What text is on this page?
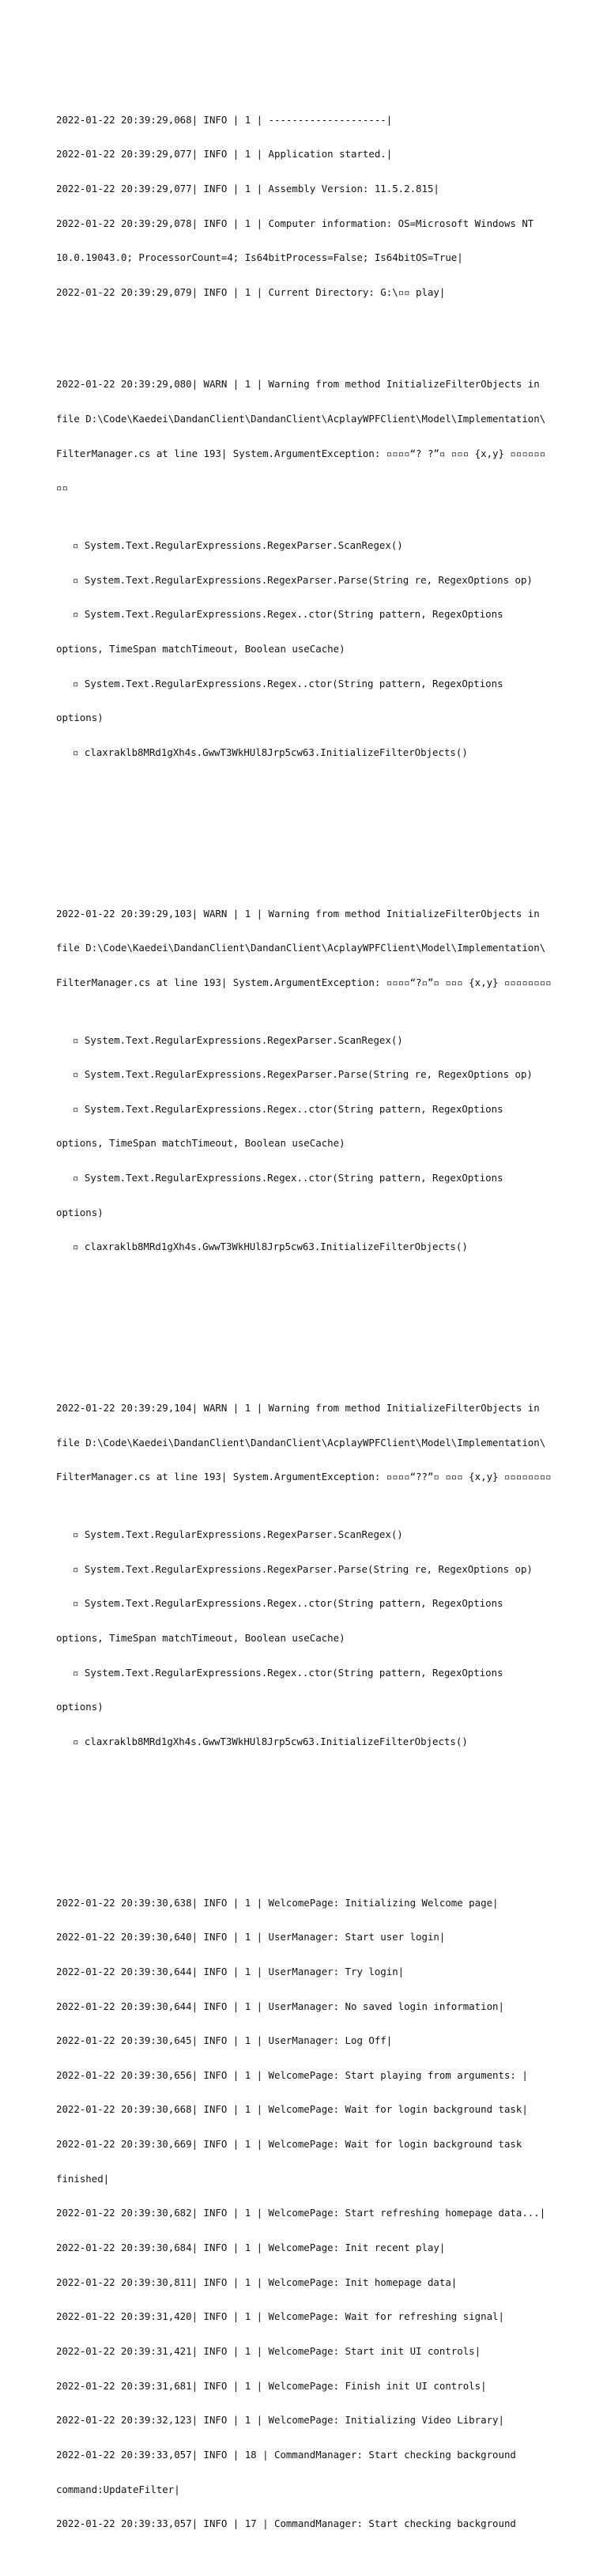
2022-01-22 20:39:29,068| INFO | 1 | --------------------|

2022-01-22 20:39:29,077| INFO | 1 | Application started.|

2022-01-22 20:39:29,077| INFO | 1 | Assembly Version: 11.5.2.815|

2022-01-22 20:39:29,078| INFO | 1 | Computer information: OS=Microsoft Windows NT

10.0.19043.0; ProcessorCount=4; Is64bitProcess=False; Is64bitOS=True|

2022-01-22 20:39:29,079| INFO | 1 | Current Directory: G:\▫▫ play|

2022-01-22 20:39:29,080| WARN | 1 | Warning from method InitializeFilterObjects in

file D:\Code\Kaedei\DandanClient\DandanClient\AcplayWPFClient\Model\Implementation\

FilterManager.cs at line 193| System.ArgumentException: ▫▫▫▫“? ?”▫ ▫▫▫ {x,y} ▫▫▫▫▫▫

▫▫

▫ System.Text.RegularExpressions.RegexParser.ScanRegex()

▫ System.Text.RegularExpressions.RegexParser.Parse(String re, RegexOptions op)

▫ System.Text.RegularExpressions.Regex..ctor(String pattern, RegexOptions

options, TimeSpan matchTimeout, Boolean useCache)

▫ System.Text.RegularExpressions.Regex..ctor(String pattern, RegexOptions

options)

▫ claxraklb8MRd1gXh4s.GwwT3WkHUl8Jrp5cw63.InitializeFilterObjects()

2022-01-22 20:39:29,103| WARN | 1 | Warning from method InitializeFilterObjects in

file D:\Code\Kaedei\DandanClient\DandanClient\AcplayWPFClient\Model\Implementation\

FilterManager.cs at line 193| System.ArgumentException: ▫▫▫▫“?▫”▫ ▫▫▫ {x,y} ▫▫▫▫▫▫▫▫

▫ System.Text.RegularExpressions.RegexParser.ScanRegex()

▫ System.Text.RegularExpressions.RegexParser.Parse(String re, RegexOptions op)

▫ System.Text.RegularExpressions.Regex..ctor(String pattern, RegexOptions

options, TimeSpan matchTimeout, Boolean useCache)

▫ System.Text.RegularExpressions.Regex..ctor(String pattern, RegexOptions

options)

▫ claxraklb8MRd1gXh4s.GwwT3WkHUl8Jrp5cw63.InitializeFilterObjects()

2022-01-22 20:39:29,104| WARN | 1 | Warning from method InitializeFilterObjects in

file D:\Code\Kaedei\DandanClient\DandanClient\AcplayWPFClient\Model\Implementation\

FilterManager.cs at line 193| System.ArgumentException: ▫▫▫▫“??”▫ ▫▫▫ {x,y} ▫▫▫▫▫▫▫▫

▫ System.Text.RegularExpressions.RegexParser.ScanRegex()

▫ System.Text.RegularExpressions.RegexParser.Parse(String re, RegexOptions op)

▫ System.Text.RegularExpressions.Regex..ctor(String pattern, RegexOptions

options, TimeSpan matchTimeout, Boolean useCache)

▫ System.Text.RegularExpressions.Regex..ctor(String pattern, RegexOptions

options)

▫ claxraklb8MRd1gXh4s.GwwT3WkHUl8Jrp5cw63.InitializeFilterObjects()

2022-01-22 20:39:30,638| INFO | 1 | WelcomePage: Initializing Welcome page|

2022-01-22 20:39:30,640| INFO | 1 | UserManager: Start user login|

2022-01-22 20:39:30,644| INFO | 1 | UserManager: Try login|

2022-01-22 20:39:30,644| INFO | 1 | UserManager: No saved login information|

2022-01-22 20:39:30,645| INFO | 1 | UserManager: Log Off|

2022-01-22 20:39:30,656| INFO | 1 | WelcomePage: Start playing from arguments: |

2022-01-22 20:39:30,668| INFO | 1 | WelcomePage: Wait for login background task|

2022-01-22 20:39:30,669| INFO | 1 | WelcomePage: Wait for login background task

finished|

2022-01-22 20:39:30,682| INFO | 1 | WelcomePage: Start refreshing homepage data...|

2022-01-22 20:39:30,684| INFO | 1 | WelcomePage: Init recent play|

2022-01-22 20:39:30,811| INFO | 1 | WelcomePage: Init homepage data|

2022-01-22 20:39:31,420| INFO | 1 | WelcomePage: Wait for refreshing signal|

2022-01-22 20:39:31,421| INFO | 1 | WelcomePage: Start init UI controls|

2022-01-22 20:39:31,681| INFO | 1 | WelcomePage: Finish init UI controls|

2022-01-22 20:39:32,123| INFO | 1 | WelcomePage: Initializing Video Library|

2022-01-22 20:39:33,057| INFO | 18 | CommandManager: Start checking background

command:UpdateFilter|

2022-01-22 20:39:33,057| INFO | 17 | CommandManager: Start checking background
